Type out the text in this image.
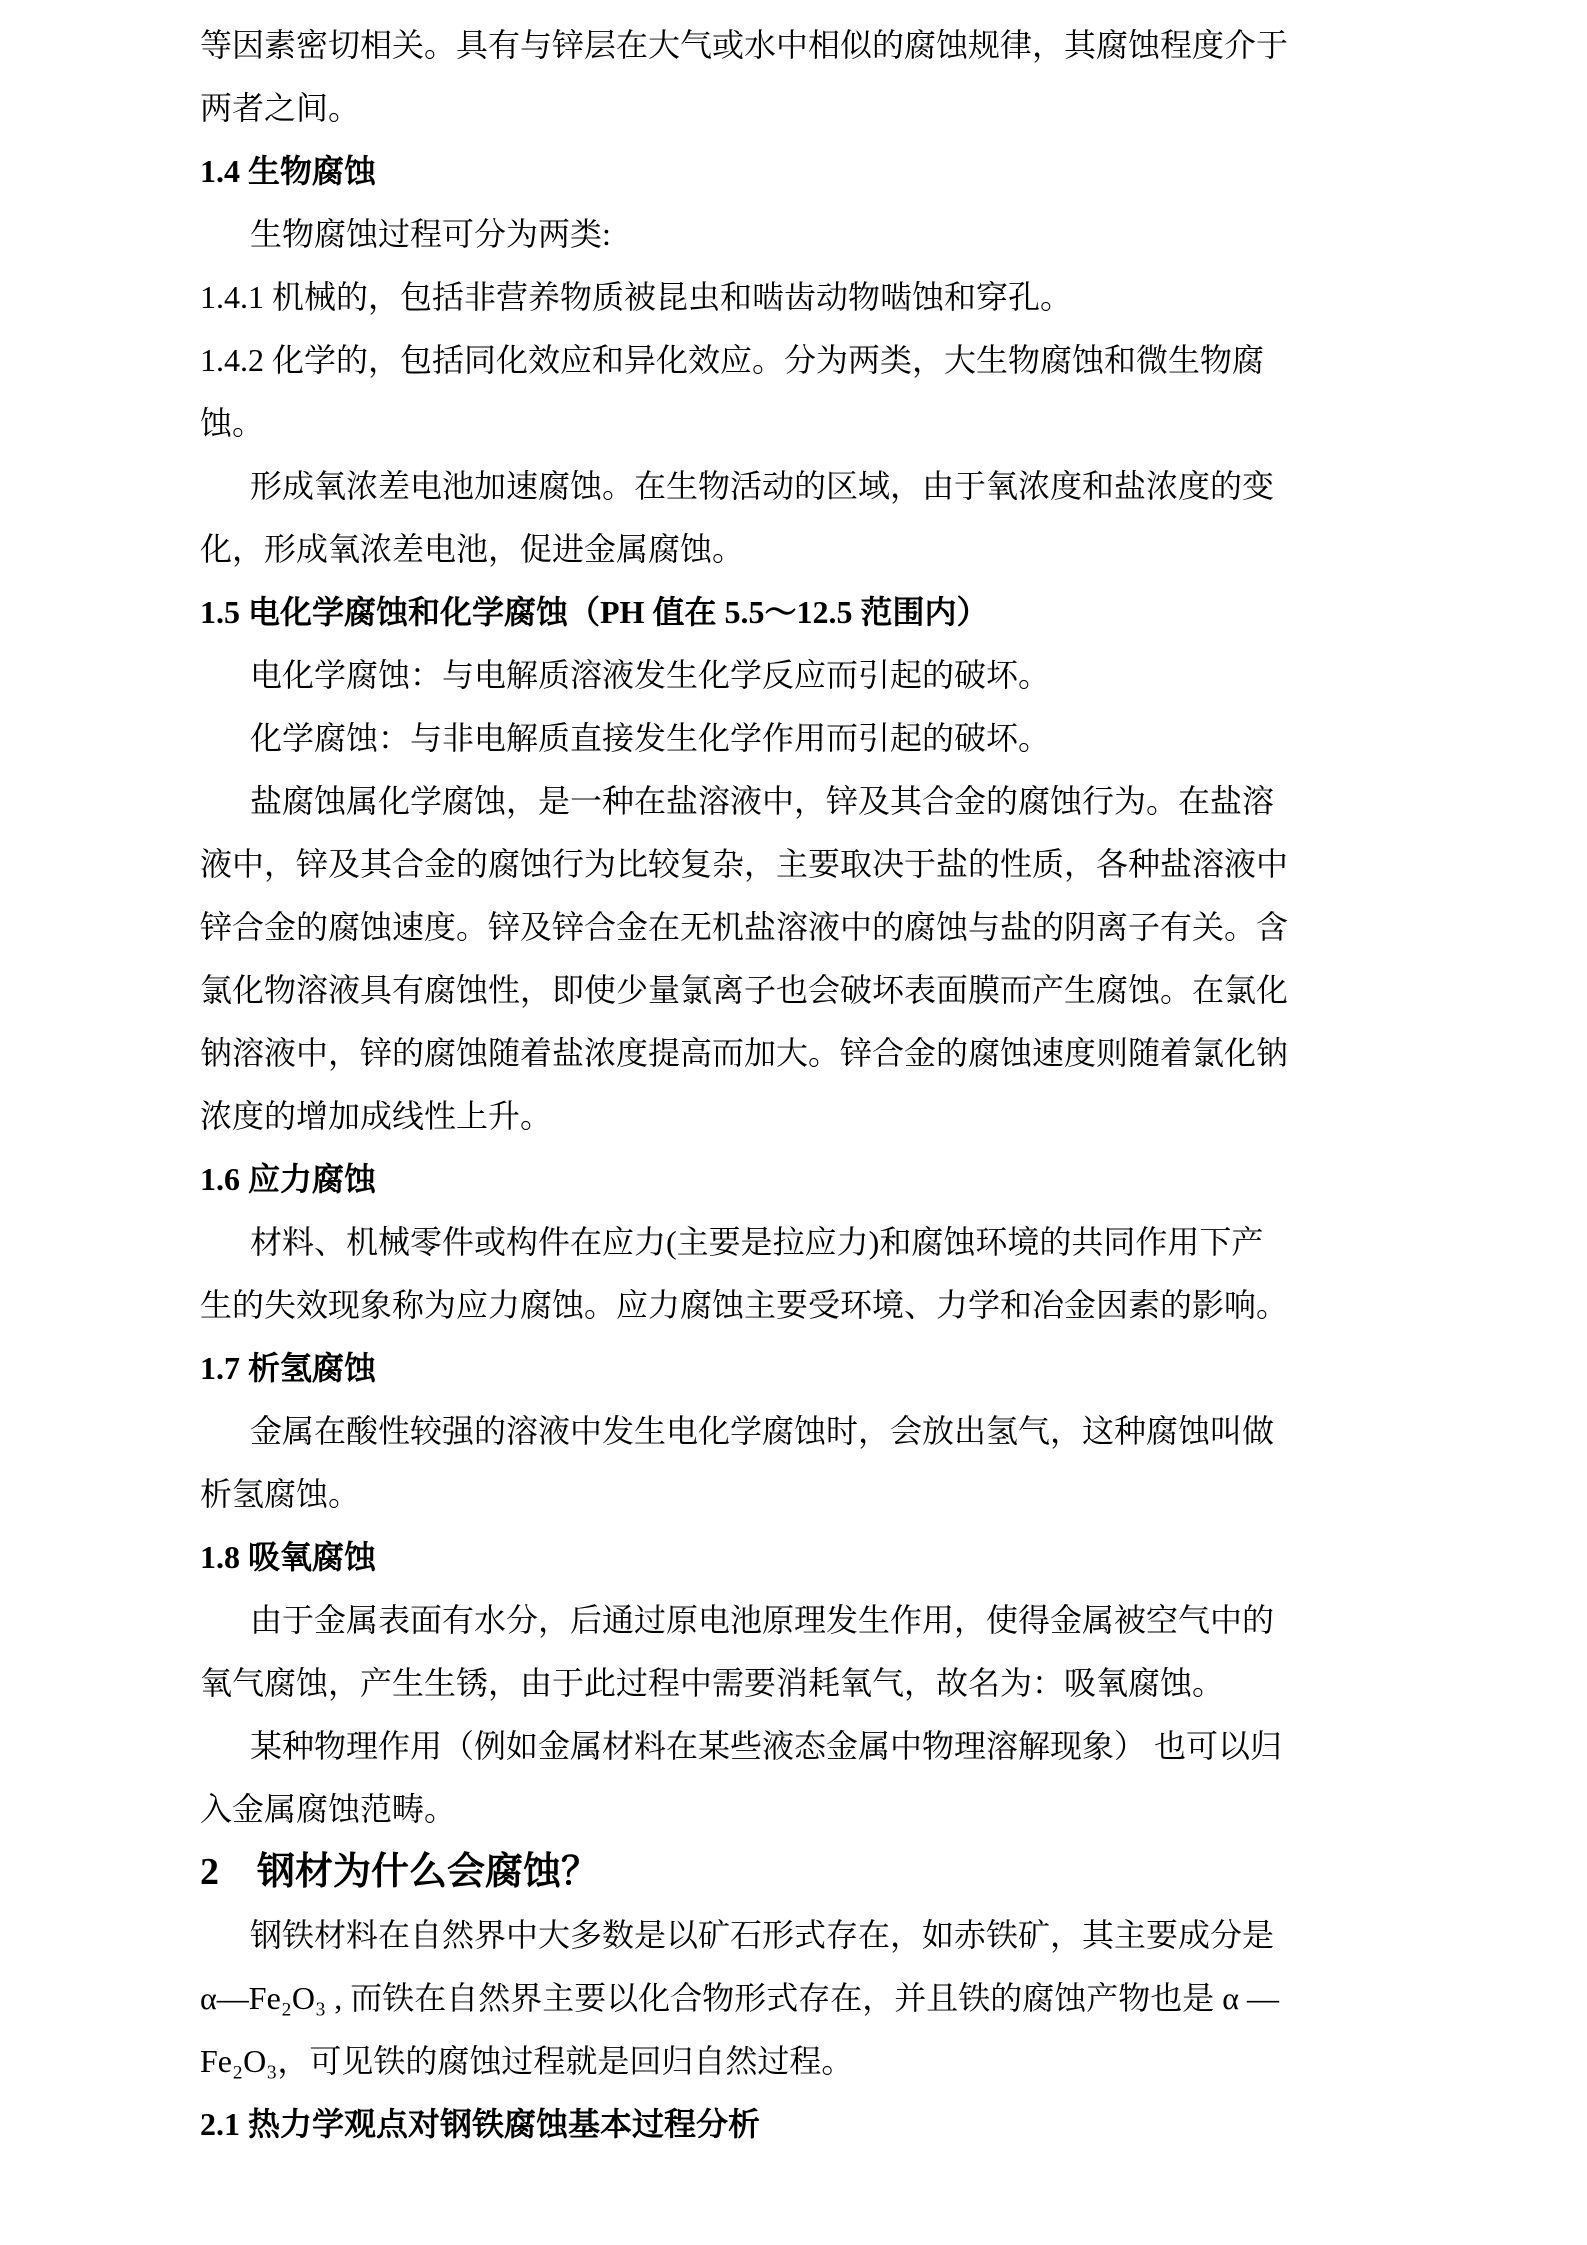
等因素密切相关。具有与锌层在大气或水中相似的腐蚀规律，其腐蚀程度介于
两者之间。
1.4 生物腐蚀
生物腐蚀过程可分为两类:
1.4.1 机械的，包括非营养物质被昆虫和啮齿动物啮蚀和穿孔。
1.4.2 化学的，包括同化效应和异化效应。分为两类，大生物腐蚀和微生物腐
蚀。
形成氧浓差电池加速腐蚀。在生物活动的区域，由于氧浓度和盐浓度的变
化，形成氧浓差电池，促进金属腐蚀。
1.5 电化学腐蚀和化学腐蚀（PH 值在 5.5～12.5 范围内）
电化学腐蚀：与电解质溶液发生化学反应而引起的破坏。
化学腐蚀：与非电解质直接发生化学作用而引起的破坏。
盐腐蚀属化学腐蚀，是一种在盐溶液中，锌及其合金的腐蚀行为。在盐溶
液中，锌及其合金的腐蚀行为比较复杂，主要取决于盐的性质，各种盐溶液中
锌合金的腐蚀速度。锌及锌合金在无机盐溶液中的腐蚀与盐的阴离子有关。含
氯化物溶液具有腐蚀性，即使少量氯离子也会破坏表面膜而产生腐蚀。在氯化
钠溶液中，锌的腐蚀随着盐浓度提高而加大。锌合金的腐蚀速度则随着氯化钠
浓度的增加成线性上升。
1.6 应力腐蚀
材料、机械零件或构件在应力(主要是拉应力)和腐蚀环境的共同作用下产
生的失效现象称为应力腐蚀。应力腐蚀主要受环境、力学和冶金因素的影响。
1.7 析氢腐蚀
金属在酸性较强的溶液中发生电化学腐蚀时，会放出氢气，这种腐蚀叫做
析氢腐蚀。
1.8 吸氧腐蚀
由于金属表面有水分，后通过原电池原理发生作用，使得金属被空气中的
氧气腐蚀，产生生锈，由于此过程中需要消耗氧气，故名为：吸氧腐蚀。
某种物理作用（例如金属材料在某些液态金属中物理溶解现象） 也可以归
入金属腐蚀范畴。
2　钢材为什么会腐蚀？
钢铁材料在自然界中大多数是以矿石形式存在，如赤铁矿，其主要成分是
α—Fe₂O₃ , 而铁在自然界主要以化合物形式存在，并且铁的腐蚀产物也是 α —
Fe₂O₃，可见铁的腐蚀过程就是回归自然过程。
2.1 热力学观点对钢铁腐蚀基本过程分析
